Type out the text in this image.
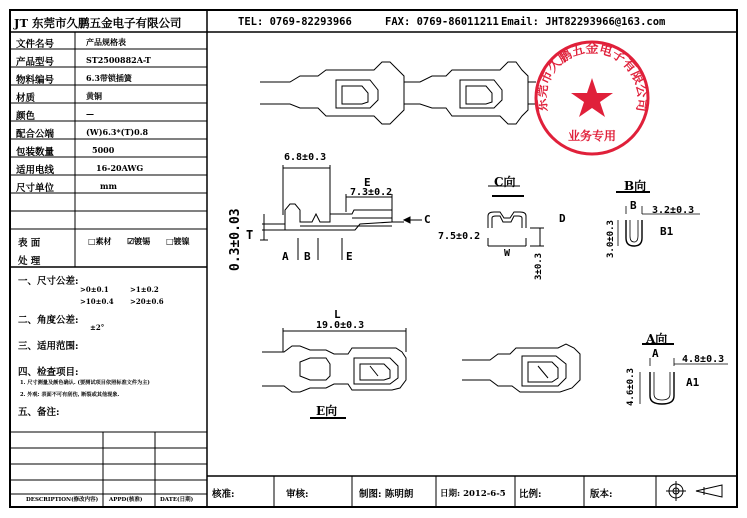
东莞市久鹏五金电子有限公司
业务专用
JT 东莞市久鹏五金电子有限公司	TEL: 0769-82293966	FAX: 0769-86011211 Email: JHT82293966@163.com
文件名号	产品规格表
产品型号	ST2500882A-T
物料编号	6.3带锁插簧
材质	黄铜
颜色	—
配合公端	(W)6.3*(T)0.8
包装数量	5000
适用电线	16-20AWG
尺寸单位	mm
表 面
处 理
□素材 ☑镀锡 □镀镍
一、尺寸公差:
>0±0.1	>1±0.2
>10±0.4 >20±0.6
二、角度公差:
±2°
三、适用范围:
四、检查项目:
1. 尺寸测量及颜色确认. (要测试项目依照标准文件为主)
2. 外观: 表面不可有刮伤, 断裂或其他现象.
五、备注:
DESCRIPTION(修改内容) APPD(核准)	DATE(日期) 核准:	审核:	制图: 陈明朗	日期: 2012-6-5 比例:	版本:
6.8±0.3
E
7.3±0.2
T
0.3±0.03	C
A B	E
C向
7.5±0.2
W
D
3±0.3
B向
B 3.2±0.3
3.0±0.3	B1
L
19.0±0.3
E向
A向
A 4.8±0.3
4.6±0.3	A1
